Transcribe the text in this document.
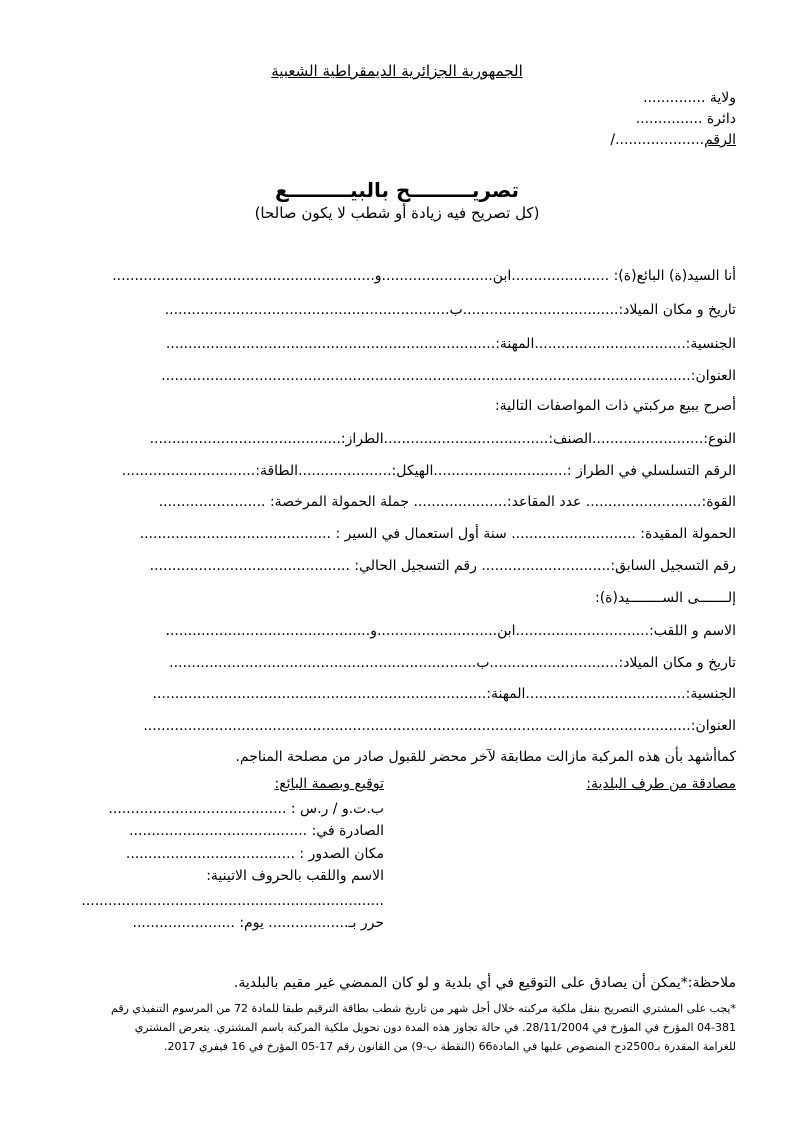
الجمهورية الجزائرية الديمقراطية الشعبية
ولاية ..............
دائرة ...............
الرقم..................../
تصريـــــــــح بالبيـــــــــع
(كل تصريح فيه زيادة أو شطب لا يكون صالحا)
أنا السيد(ة) البائع(ة): ......................ابن.........................و...........................................................
تاريخ و مكان الميلاد:...................................ب................................................................
الجنسية:..................................المهنة:..........................................................................
العنوان:.......................................................................................................................
أصرح ببيع مركبتي ذات المواصفات التالية:
النوع:.........................الصنف:.....................................الطراز:...........................................
الرقم التسلسلي في الطراز :..............................الهيكل:.....................الطاقة:..............................
القوة:.......................... عدد المقاعد:..................... جملة الحمولة المرخصة: ........................
الحمولة المقيدة: ............................ سنة أول استعمال في السير : ...........................................
رقم التسجيل السابق:............................. رقم التسجيل الحالي: .............................................
إلـــــــى الســــــــيد(ة):
الاسم و اللقب:..............................ابن...........................و..............................................
تاريخ و مكان الميلاد:.............................ب.....................................................................
الجنسية:....................................المهنة:...........................................................................
العنوان:...........................................................................................................................
كماأشهد بأن هذه المركبة مازالت مطابقة لآخر محضر للقبول صادر من مصلحة المناجم.
مصادقة من طرف البلدية:
توقيع وبصمة البائع:
ب.ت.و / ر.س : ........................................
الصادرة في: ........................................
مكان الصدور : ......................................
الاسم واللقب بالحروف الاتينية:
....................................................................
حرر بـ.................. يوم: .......................
ملاحظة:*يمكن أن يصادق على التوقيع في أي بلدية و لو كان الممضي غير مقيم بالبلدية.
*يجب على المشتري التصريح بنقل ملكية مركبته خلال أجل شهر من تاريخ شطب بطاقة الترقيم طبقا للمادة 72 من المرسوم التنفيذي رقم
04-381 المؤرخ في المؤرخ في 28/11/2004. في حالة تجاوز هذه المدة دون تحويل ملكية المركبة باسم المشتري. يتعرض المشتري
للغرامة المقدرة بـ2500دج المنصوص عليها في المادة66 (النقطة ب-9) من القانون رقم 17-05 المؤرخ في 16 فيفري 2017.
